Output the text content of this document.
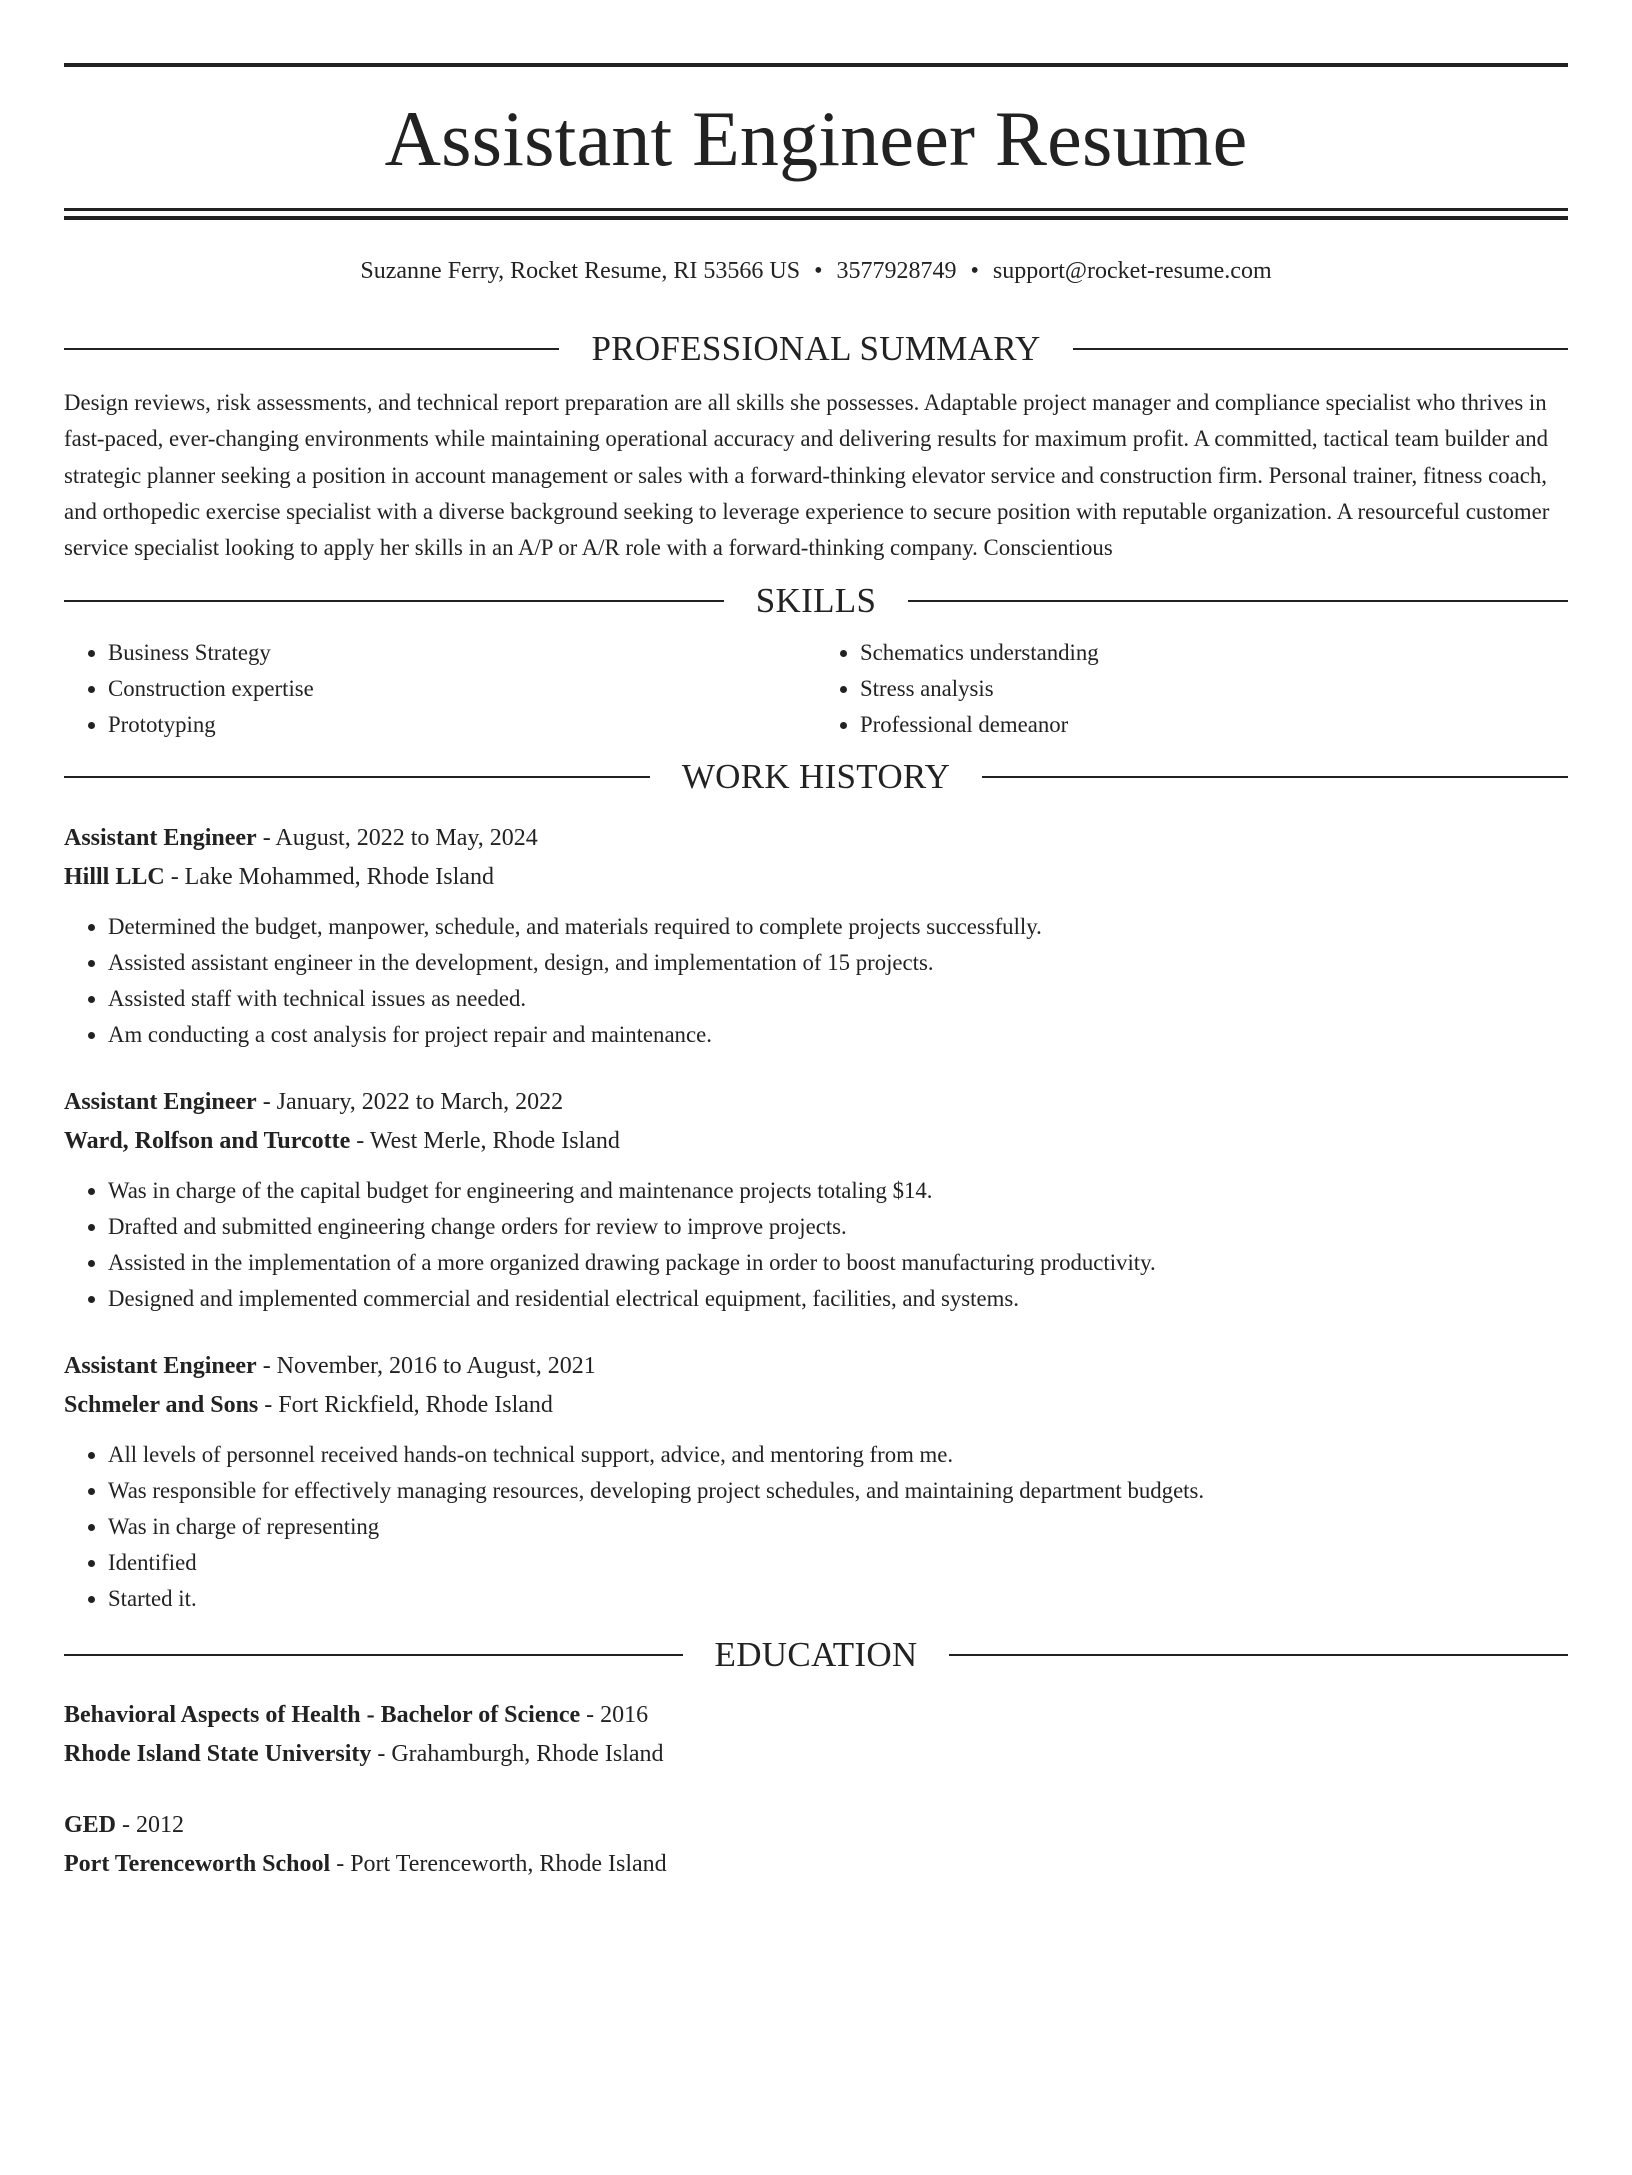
Assistant Engineer Resume
Suzanne Ferry, Rocket Resume, RI 53566 US • 3577928749 • support@rocket-resume.com
PROFESSIONAL SUMMARY

Design reviews, risk assessments, and technical report preparation are all skills she possesses. Adaptable project manager and compliance specialist who thrives in fast-paced, ever-changing environments while maintaining operational accuracy and delivering results for maximum profit. A committed, tactical team builder and strategic planner seeking a position in account management or sales with a forward-thinking elevator service and construction firm. Personal trainer, fitness coach, and orthopedic exercise specialist with a diverse background seeking to leverage experience to secure position with reputable organization. A resourceful customer service specialist looking to apply her skills in an A/P or A/R role with a forward-thinking company. Conscientious

SKILLS
• Business Strategy
• Construction expertise
• Prototyping
• Schematics understanding
• Stress analysis
• Professional demeanor
WORK HISTORY
Assistant Engineer - August, 2022 to May, 2024
Hilll LLC - Lake Mohammed, Rhode Island
• Determined the budget, manpower, schedule, and materials required to complete projects successfully.
• Assisted assistant engineer in the development, design, and implementation of 15 projects.
• Assisted staff with technical issues as needed.
• Am conducting a cost analysis for project repair and maintenance.
Assistant Engineer - January, 2022 to March, 2022
Ward, Rolfson and Turcotte - West Merle, Rhode Island
• Was in charge of the capital budget for engineering and maintenance projects totaling $14.
• Drafted and submitted engineering change orders for review to improve projects.
• Assisted in the implementation of a more organized drawing package in order to boost manufacturing productivity.
• Designed and implemented commercial and residential electrical equipment, facilities, and systems.
Assistant Engineer - November, 2016 to August, 2021
Schmeler and Sons - Fort Rickfield, Rhode Island
• All levels of personnel received hands-on technical support, advice, and mentoring from me.
• Was responsible for effectively managing resources, developing project schedules, and maintaining department budgets.
• Was in charge of representing
• Identified
• Started it.
EDUCATION
Behavioral Aspects of Health - Bachelor of Science - 2016
Rhode Island State University - Grahamburgh, Rhode Island
GED - 2012
Port Terenceworth School - Port Terenceworth, Rhode Island
